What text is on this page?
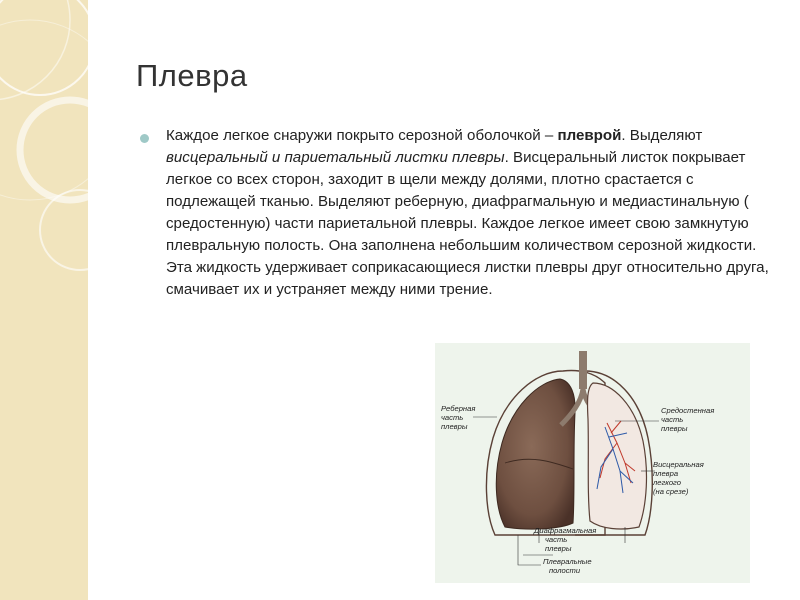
Плевра

Каждое легкое снаружи покрыто серозной оболочкой – плеврой. Выделяют висцеральный и париетальный листки плевры. Висцеральный листок покрывает легкое со всех сторон, заходит в щели между долями, плотно срастается с подлежащей тканью. Выделяют реберную, диафрагмальную и медиастинальную ( средостенную) части париетальной плевры. Каждое легкое имеет свою замкнутую плевральную полость. Она заполнена небольшим количеством серозной жидкости. Эта жидкость удерживает соприкасающиеся листки плевры друг относительно друга, смачивает их и устраняет между ними трение.

Реберная
часть
плевры
Средостенная
часть
плевры
Висцеральная
плевра
легкого
(на срезе)
Диафрагмальная
часть
плевры
Плевральные
полости
